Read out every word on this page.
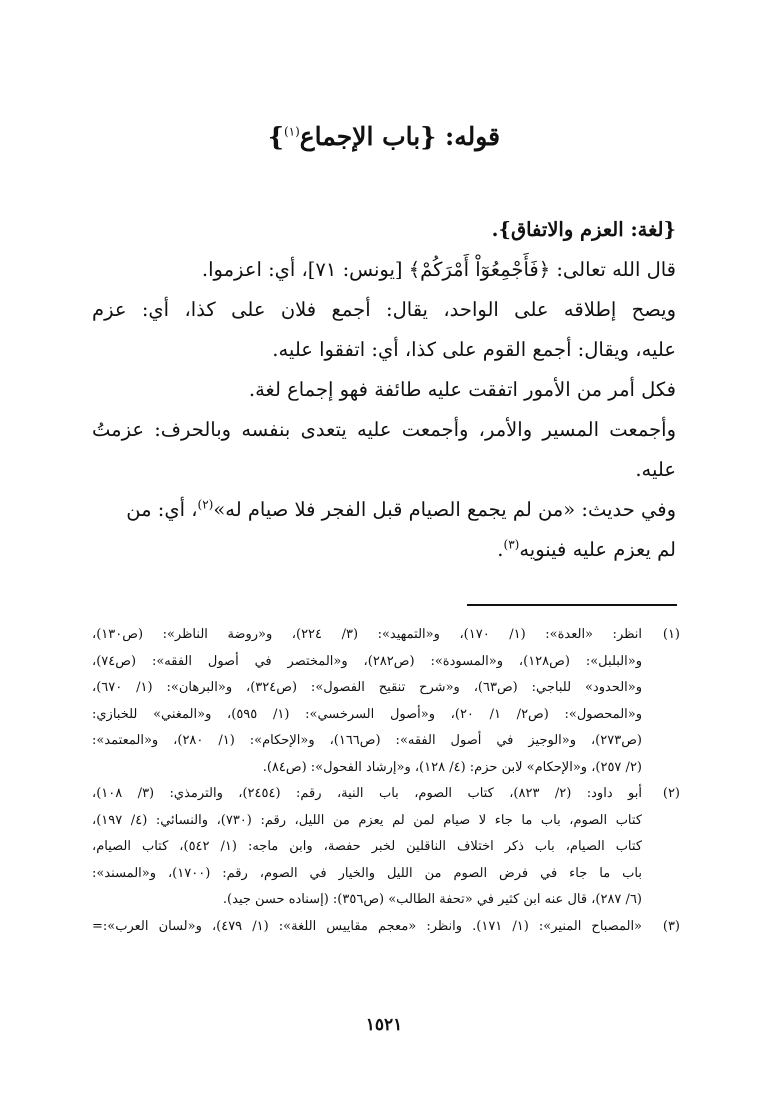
قوله: {باب الإجماع$^{(١)}$}
{لغة: العزم والاتفاق}.
قال الله تعالى: ﴿فَأَجْمِعُوٓاْ أَمْرَكُمْ﴾ [يونس: ٧١]، أي: اعزموا.
ويصح إطلاقه على الواحد، يقال: أجمع فلان على كذا، أي: عزم
عليه، ويقال: أجمع القوم على كذا، أي: اتفقوا عليه.
فكل أمر من الأمور اتفقت عليه طائفة فهو إجماع لغة.
وأجمعت المسير والأمر، وأجمعت عليه يتعدى بنفسه وبالحرف: عزمتُ
عليه.
وفي حديث: «من لم يجمع الصيام قبل الفجر فلا صيام له»$^{(٢)}$، أي: من
لم يعزم عليه فينويه$^{(٣)}$.
(١)
انظر: «العدة»: (١/ ١٧٠)، و«التمهيد»: (٣/ ٢٢٤)، و«روضة الناظر»: (ص١٣٠)،
و«البلبل»: (ص١٢٨)، و«المسودة»: (ص٢٨٢)، و«المختصر في أصول الفقه»: (ص٧٤)،
و«الحدود» للباجي: (ص٦٣)، و«شرح تنقيح الفصول»: (ص٣٢٤)، و«البرهان»: (١/ ٦٧٠)،
و«المحصول»: (ص٢/ ١/ ٢٠)، و«أصول السرخسي»: (١/ ٥٩٥)، و«المغني» للخبازي:
(ص٢٧٣)، و«الوجيز في أصول الفقه»: (ص١٦٦)، و«الإحكام»: (١/ ٢٨٠)، و«المعتمد»:
(٢/ ٢٥٧)، و«الإحكام» لابن حزم: (٤/ ١٢٨)، و«إرشاد الفحول»: (ص٨٤).
(٢)
أبو داود: (٢/ ٨٢٣)، كتاب الصوم، باب النية، رقم: (٢٤٥٤)، والترمذي: (٣/ ١٠٨)،
كتاب الصوم، باب ما جاء لا صيام لمن لم يعزم من الليل، رقم: (٧٣٠)، والنسائي: (٤/ ١٩٧)،
كتاب الصيام، باب ذكر اختلاف الناقلين لخبر حفصة، وابن ماجه: (١/ ٥٤٢)، كتاب الصيام،
باب ما جاء في فرض الصوم من الليل والخيار في الصوم، رقم: (١٧٠٠)، و«المسند»:
(٦/ ٢٨٧)، قال عنه ابن كثير في «تحفة الطالب» (ص٣٥٦): (إسناده حسن جيد).
(٣)
«المصباح المنير»: (١/ ١٧١). وانظر: «معجم مقاييس اللغة»: (١/ ٤٧٩)، و«لسان العرب»:=
١٥٢١
